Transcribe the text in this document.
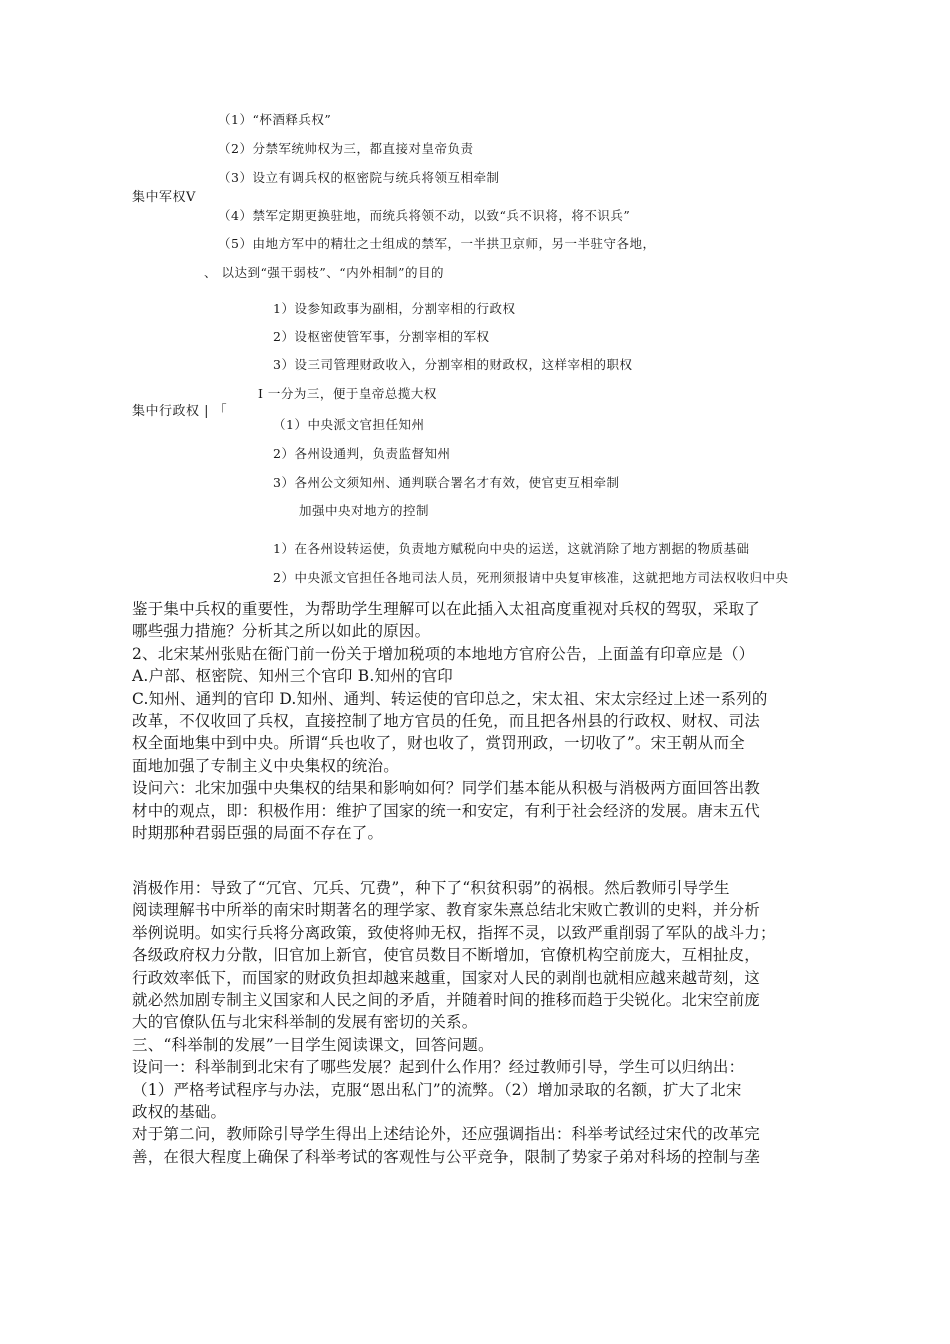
（1）“杯酒释兵权”
（2）分禁军统帅权为三，都直接对皇帝负责
（3）设立有调兵权的枢密院与统兵将领互相牵制
集中军权V
（4）禁军定期更换驻地，而统兵将领不动，以致“兵不识将，将不识兵”
（5）由地方军中的精壮之士组成的禁军，一半拱卫京师，另一半驻守各地，
、 以达到“强干弱枝”、“内外相制”的目的
1）设参知政事为副相，分割宰相的行政权
2）设枢密使管军事，分割宰相的军权
3）设三司管理财政收入，分割宰相的财政权，这样宰相的职权
I 一分为三，便于皇帝总揽大权
集中行政权 | 「
（1）中央派文官担任知州
2）各州设通判，负责监督知州
3）各州公文须知州、通判联合署名才有效，使官吏互相牵制
加强中央对地方的控制
1）在各州设转运使，负责地方赋税向中央的运送，这就消除了地方割据的物质基础
2）中央派文官担任各地司法人员，死刑须报请中央复审核准，这就把地方司法权收归中央

鉴于集中兵权的重要性，为帮助学生理解可以在此插入太祖高度重视对兵权的驾驭，采取了

哪些强力措施？分析其之所以如此的原因。

2、北宋某州张贴在衙门前一份关于增加税项的本地地方官府公告，上面盖有印章应是（）

A.户部、枢密院、知州三个官印 B.知州的官印

C.知州、通判的官印 D.知州、通判、转运使的官印总之，宋太祖、宋太宗经过上述一系列的

改革，不仅收回了兵权，直接控制了地方官员的任免，而且把各州县的行政权、财权、司法

权全面地集中到中央。所谓“兵也收了，财也收了，赏罚刑政，一切收了”。宋王朝从而全

面地加强了专制主义中央集权的统治。

设问六：北宋加强中央集权的结果和影响如何？同学们基本能从积极与消极两方面回答出教

材中的观点，即：积极作用：维护了国家的统一和安定，有利于社会经济的发展。唐末五代

时期那种君弱臣强的局面不存在了。

消极作用：导致了“冗官、冗兵、冗费”，种下了“积贫积弱”的祸根。然后教师引导学生

阅读理解书中所举的南宋时期著名的理学家、教育家朱熹总结北宋败亡教训的史料，并分析

举例说明。如实行兵将分离政策，致使将帅无权，指挥不灵，以致严重削弱了军队的战斗力；

各级政府权力分散，旧官加上新官，使官员数目不断增加，官僚机构空前庞大，互相扯皮，

行政效率低下，而国家的财政负担却越来越重，国家对人民的剥削也就相应越来越苛刻，这

就必然加剧专制主义国家和人民之间的矛盾，并随着时间的推移而趋于尖锐化。北宋空前庞

大的官僚队伍与北宋科举制的发展有密切的关系。

三、“科举制的发展”一目学生阅读课文，回答问题。

设问一：科举制到北宋有了哪些发展？起到什么作用？经过教师引导，学生可以归纳出：

（1）严格考试程序与办法，克服“恩出私门”的流弊。（2）增加录取的名额，扩大了北宋

政权的基础。

对于第二问，教师除引导学生得出上述结论外，还应强调指出：科举考试经过宋代的改革完

善，在很大程度上确保了科举考试的客观性与公平竞争，限制了势家子弟对科场的控制与垄
